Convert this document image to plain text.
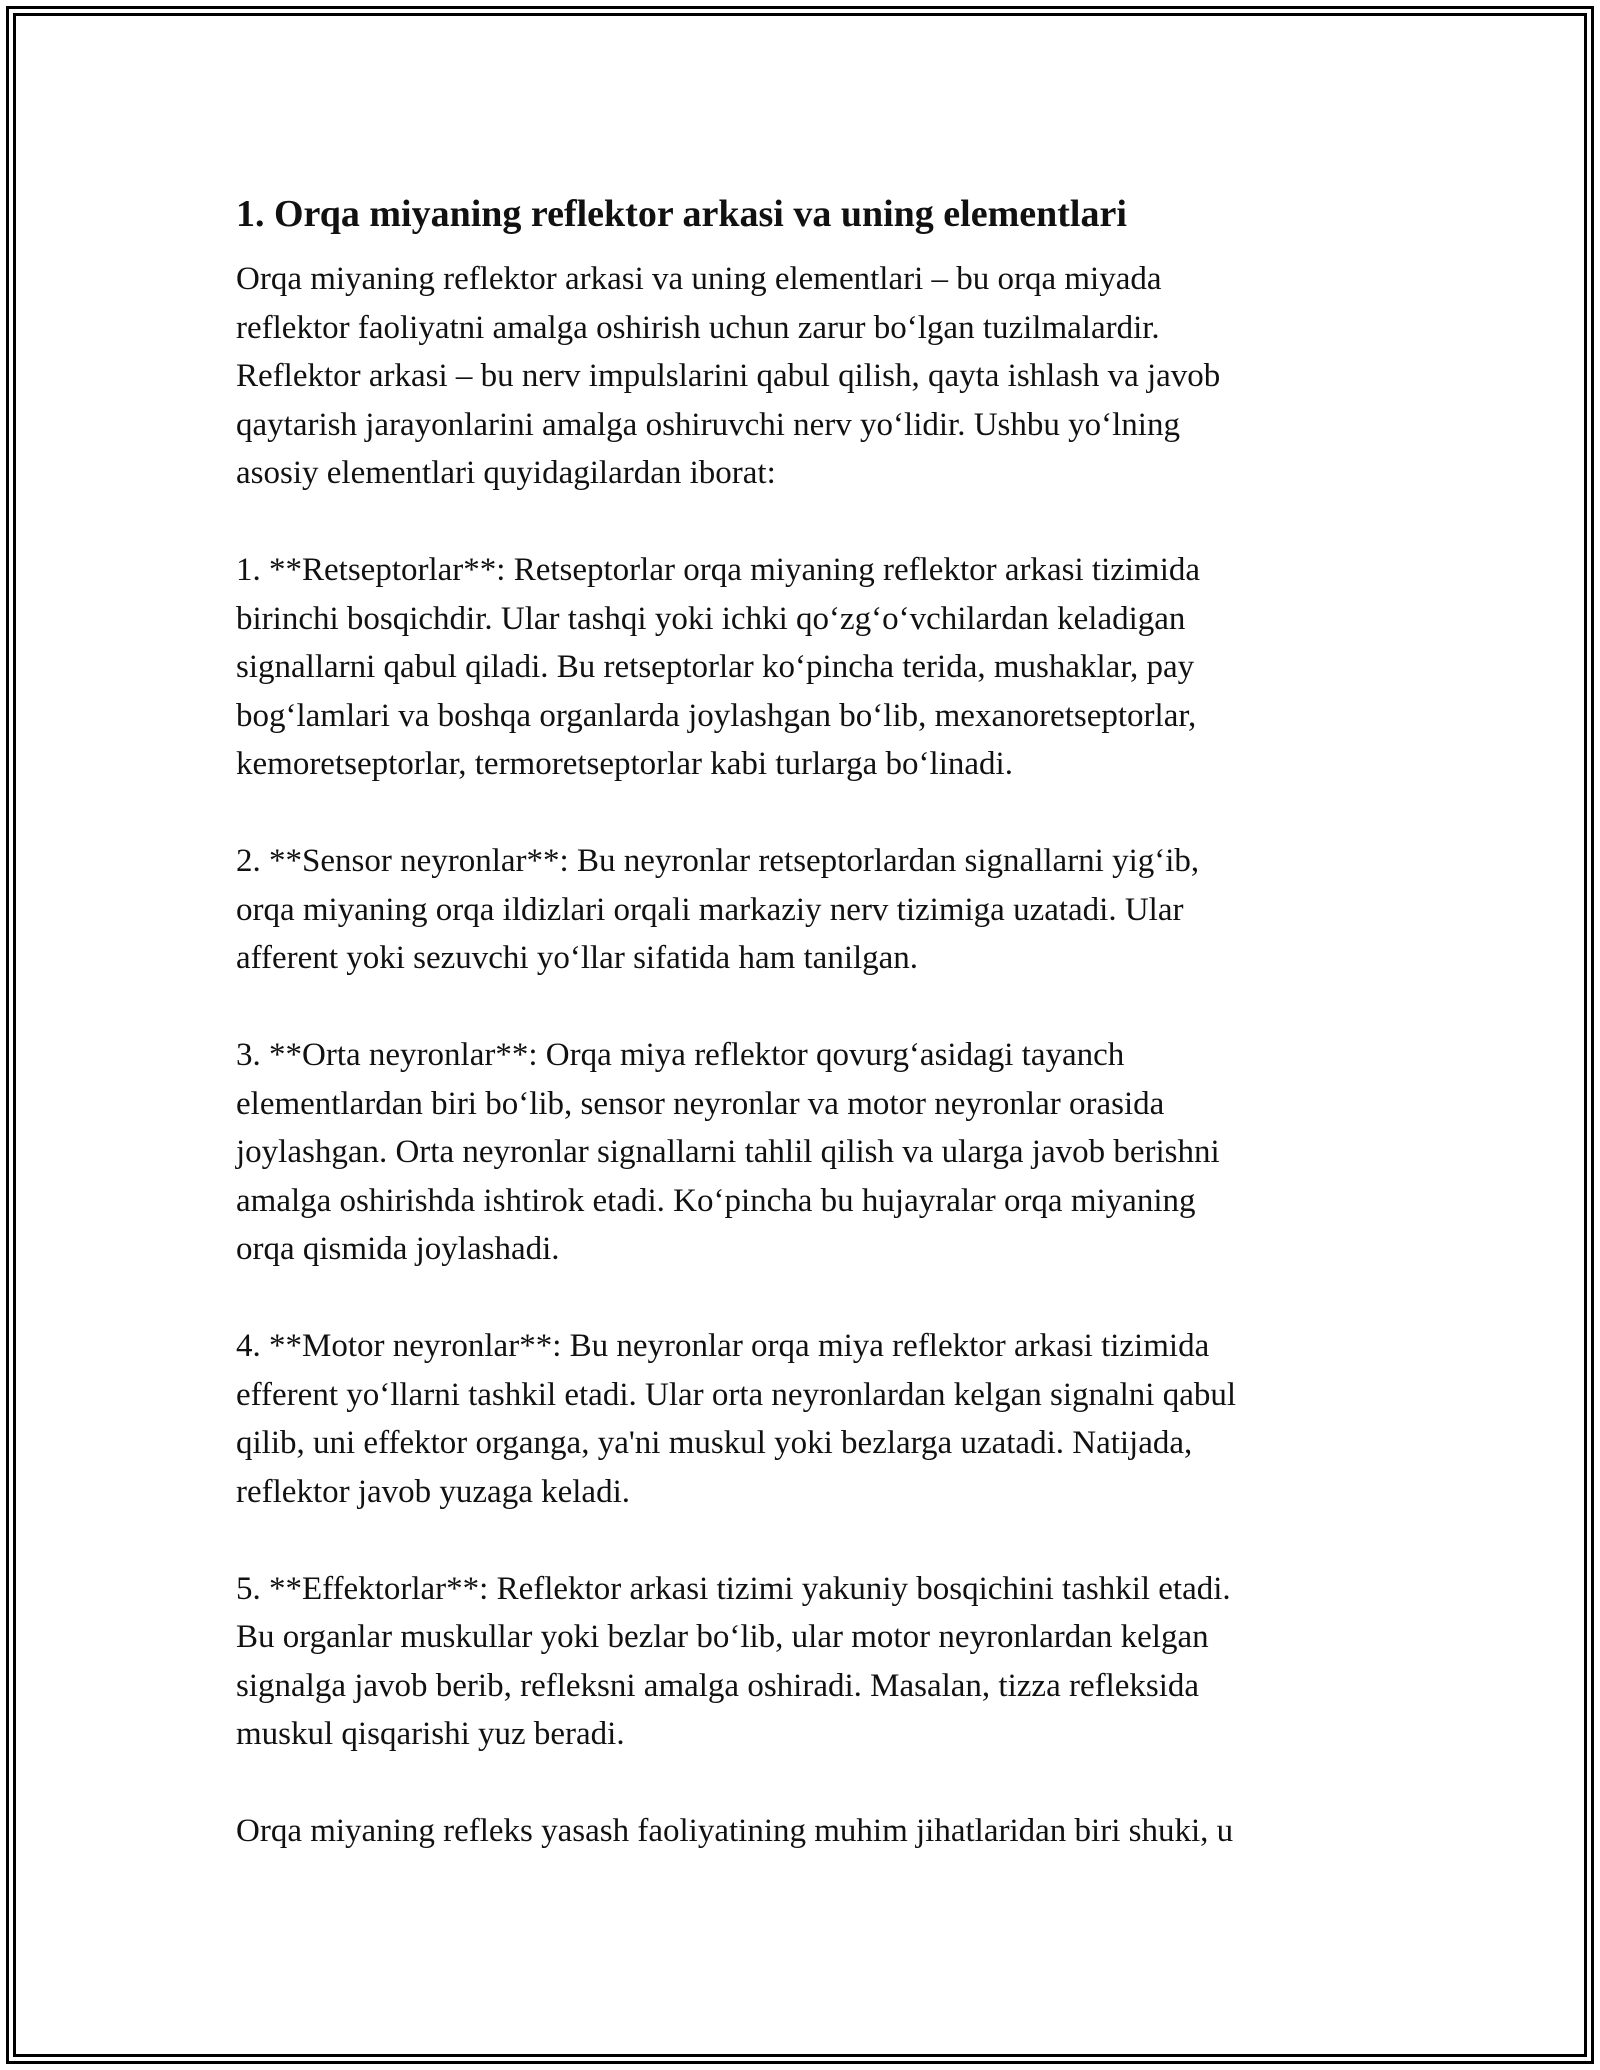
1. Orqa miyaning reflektor arkasi va uning elementlari
Orqa miyaning reflektor arkasi va uning elementlari – bu orqa miyada
reflektor faoliyatni amalga oshirish uchun zarur bo‘lgan tuzilmalardir.
Reflektor arkasi – bu nerv impulslarini qabul qilish, qayta ishlash va javob
qaytarish jarayonlarini amalga oshiruvchi nerv yo‘lidir. Ushbu yo‘lning
asosiy elementlari quyidagilardan iborat:
1. **Retseptorlar**: Retseptorlar orqa miyaning reflektor arkasi tizimida
birinchi bosqichdir. Ular tashqi yoki ichki qo‘zg‘o‘vchilardan keladigan
signallarni qabul qiladi. Bu retseptorlar ko‘pincha terida, mushaklar, pay
bog‘lamlari va boshqa organlarda joylashgan bo‘lib, mexanoretseptorlar,
kemoretseptorlar, termoretseptorlar kabi turlarga bo‘linadi.
2. **Sensor neyronlar**: Bu neyronlar retseptorlardan signallarni yig‘ib,
orqa miyaning orqa ildizlari orqali markaziy nerv tizimiga uzatadi. Ular
afferent yoki sezuvchi yo‘llar sifatida ham tanilgan.
3. **Orta neyronlar**: Orqa miya reflektor qovurg‘asidagi tayanch
elementlardan biri bo‘lib, sensor neyronlar va motor neyronlar orasida
joylashgan. Orta neyronlar signallarni tahlil qilish va ularga javob berishni
amalga oshirishda ishtirok etadi. Ko‘pincha bu hujayralar orqa miyaning
orqa qismida joylashadi.
4. **Motor neyronlar**: Bu neyronlar orqa miya reflektor arkasi tizimida
efferent yo‘llarni tashkil etadi. Ular orta neyronlardan kelgan signalni qabul
qilib, uni effektor organga, ya'ni muskul yoki bezlarga uzatadi. Natijada,
reflektor javob yuzaga keladi.
5. **Effektorlar**: Reflektor arkasi tizimi yakuniy bosqichini tashkil etadi.
Bu organlar muskullar yoki bezlar bo‘lib, ular motor neyronlardan kelgan
signalga javob berib, refleksni amalga oshiradi. Masalan, tizza refleksida
muskul qisqarishi yuz beradi.
Orqa miyaning refleks yasash faoliyatining muhim jihatlaridan biri shuki, u
